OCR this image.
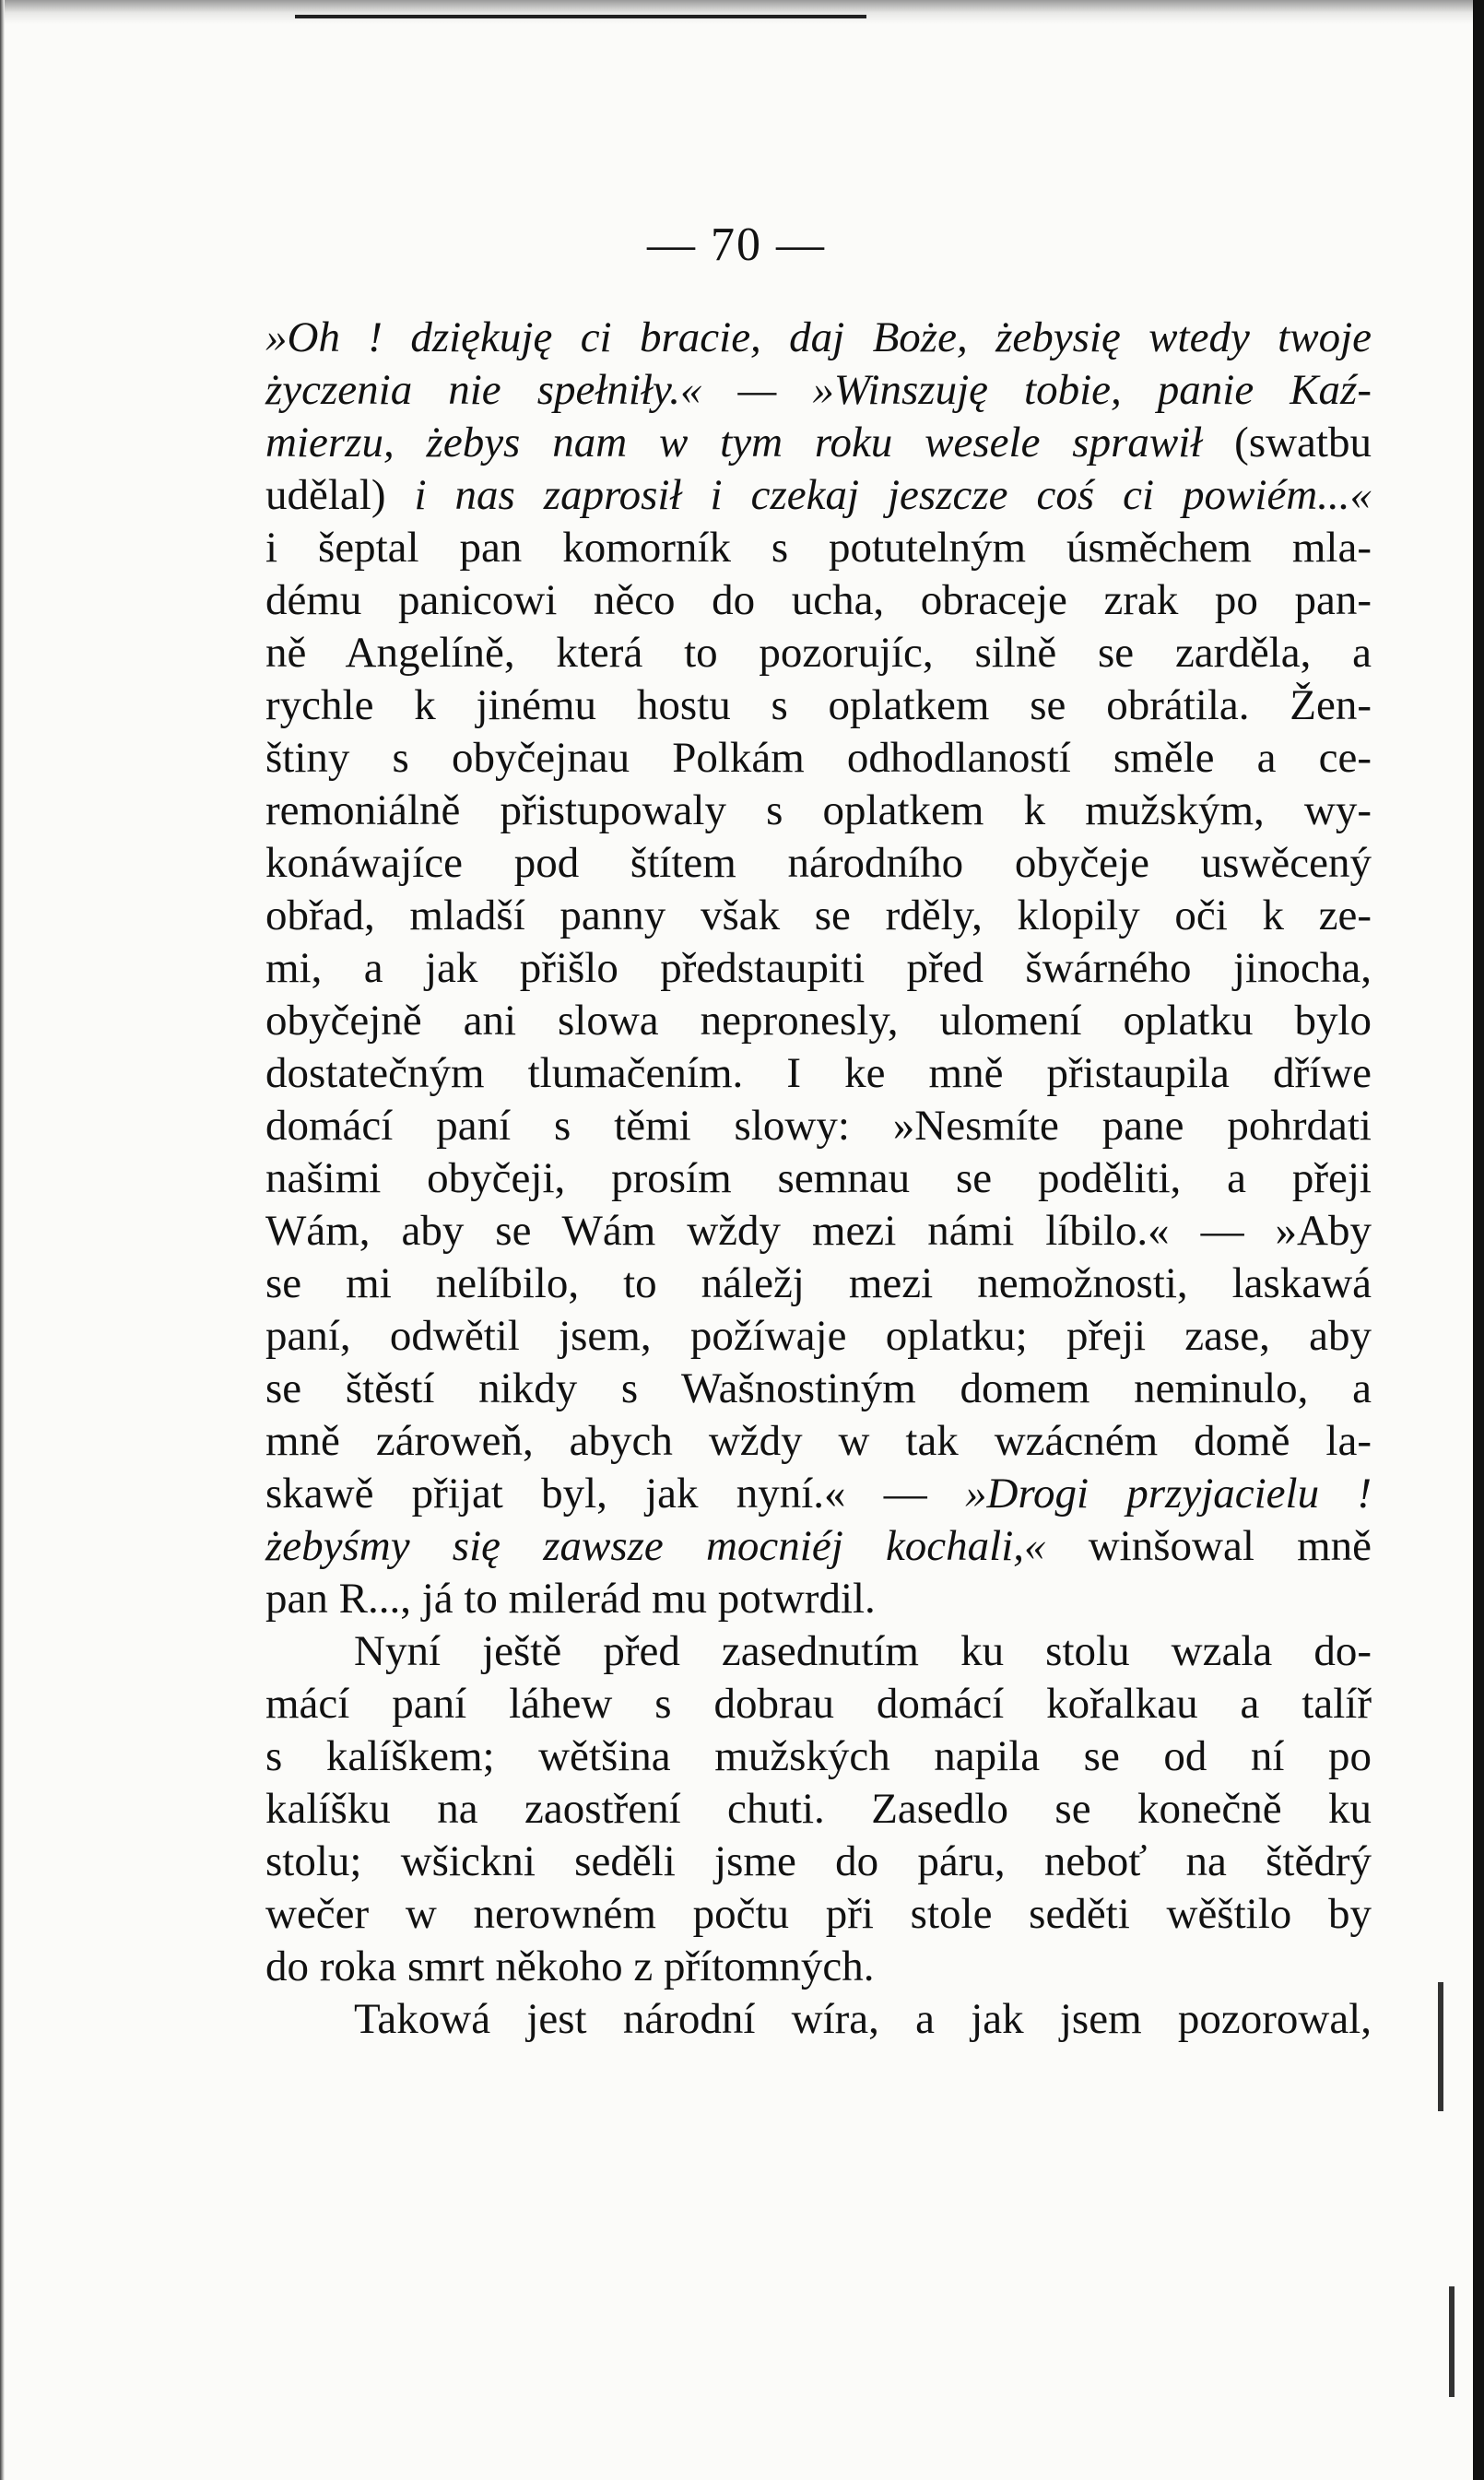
— 70 —
»Oh ! dziękuję ci bracie, daj Boże, żebysię wtedy twoje
życzenia nie spełniły.« — »Winszuję tobie, panie Kaź-
mierzu, żebys nam w tym roku wesele sprawił (swatbu
udělal) i nas zaprosił i czekaj jeszcze coś ci powiém...«
i šeptal pan komorník s potutelným úsměchem mla-
dému panicowi něco do ucha, obraceje zrak po pan-
ně Angelíně, která to pozorujíc, silně se zarděla, a
rychle k jinému hostu s oplatkem se obrátila. Žen-
štiny s obyčejnau Polkám odhodlaností směle a ce-
remoniálně přistupowaly s oplatkem k mužským, wy-
konáwajíce pod štítem národního obyčeje uswěcený
obřad, mladší panny však se rděly, klopily oči k ze-
mi, a jak přišlo předstaupiti před šwárného jinocha,
obyčejně ani slowa nepronesly, ulomení oplatku bylo
dostatečným tlumačením. I ke mně přistaupila dříwe
domácí paní s těmi slowy: »Nesmíte pane pohrdati
našimi obyčeji, prosím semnau se poděliti, a přeji
Wám, aby se Wám wždy mezi námi líbilo.« — »Aby
se mi nelíbilo, to náležj mezi nemožnosti, laskawá
paní, odwětil jsem, požíwaje oplatku; přeji zase, aby
se štěstí nikdy s Wašnostiným domem neminulo, a
mně zároweň, abych wždy w tak wzácném domě la-
skawě přijat byl, jak nyní.« — »Drogi przyjacielu !
żebyśmy się zawsze mocniéj kochali,« winšowal mně
pan R..., já to milerád mu potwrdil.
Nyní ještě před zasednutím ku stolu wzala do-
mácí paní láhew s dobrau domácí kořalkau a talíř
s kalíškem; wětšina mužských napila se od ní po
kalíšku na zaostření chuti. Zasedlo se konečně ku
stolu; wšickni seděli jsme do páru, neboť na štědrý
wečer w nerowném počtu při stole seděti wěštilo by
do roka smrt někoho z přítomných.
Takowá jest národní wíra, a jak jsem pozorowal,
